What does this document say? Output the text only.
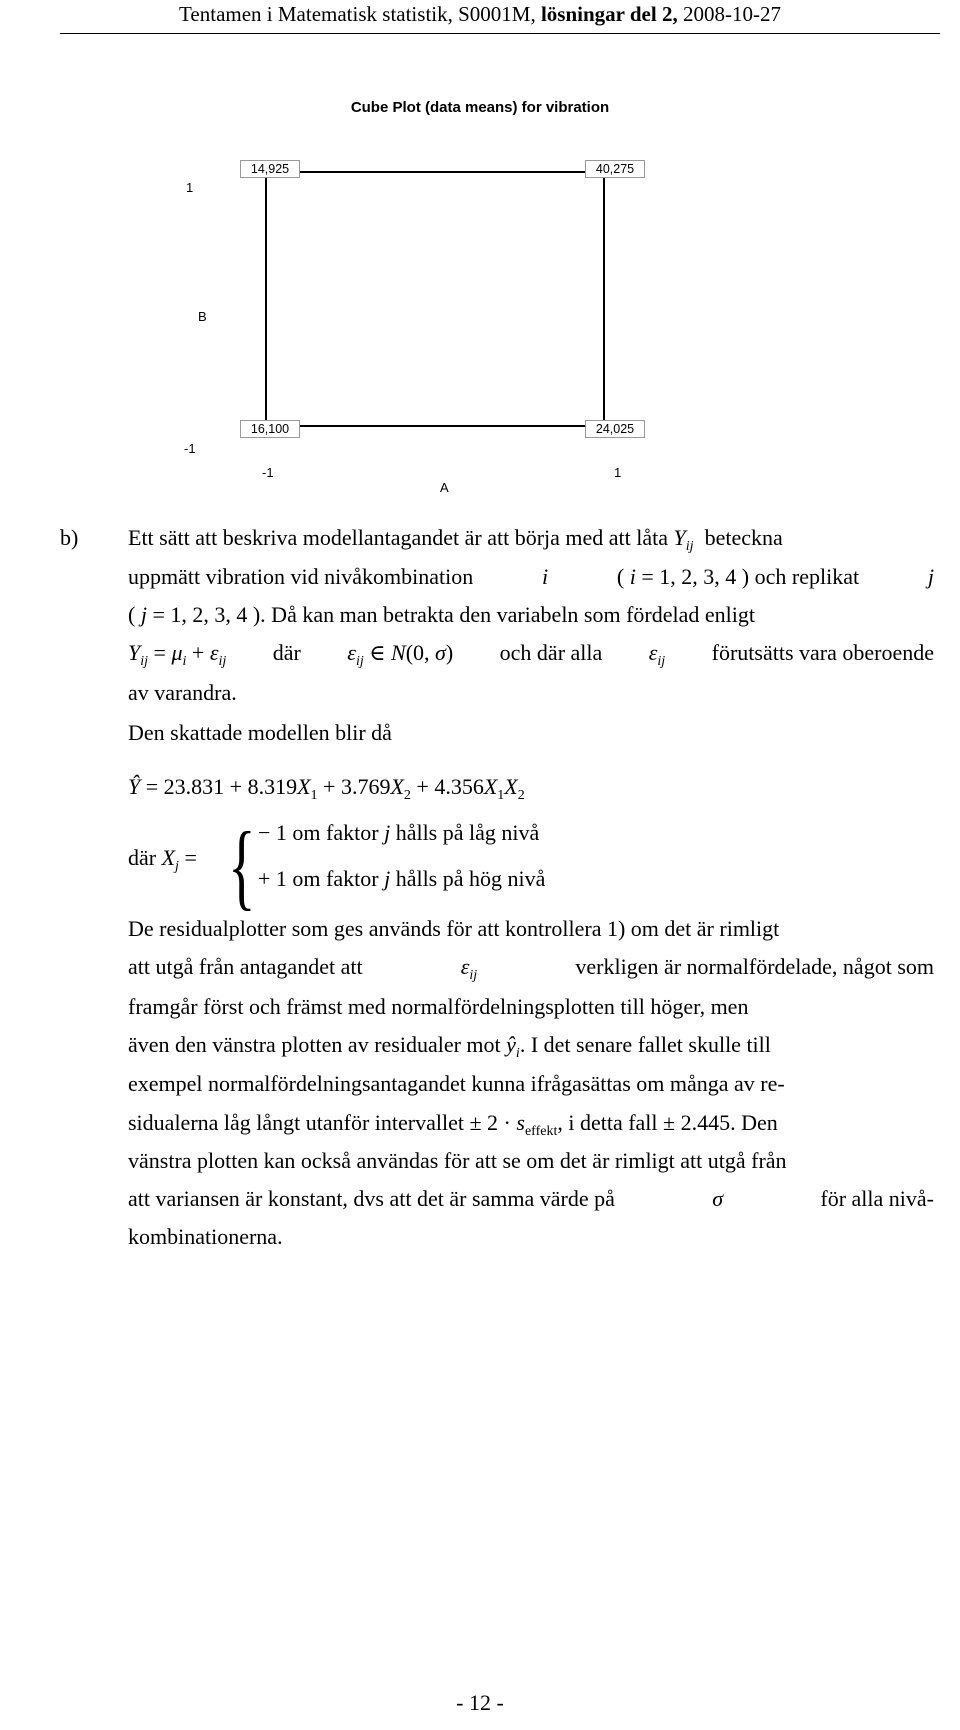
Tentamen i Matematisk statistik, S0001M, lösningar del 2, 2008-10-27
Cube Plot (data means) for vibration
14,925	40,275
16,100	24,025
1
B
-1
-1
A
1
b) Ett sätt att beskriva modellantagandet är att börja med att låta $Y_{ij}$ beteckna
uppmätt vibration vid nivåkombination	i	( i = 1, 2, 3, 4 ) och replikat	j
( j = 1, 2, 3, 4 ). Då kan man betrakta den variabeln som fördelad enligt
$Y_{ij} = \mu_i + \varepsilon_{ij}$ där $\varepsilon_{ij}$ ∈ N(0, σ) och där alla $\varepsilon_{ij}$ förutsätts vara oberoende
av varandra.
Den skattade modellen blir då
Ŷ = $23.831 + 8.319X_1 + 3.769X_2 + 4.356X_1X_2$
där $X_j$ = { − 1 om faktor j hålls på låg nivå
+ 1 om faktor j hålls på hög nivå
De residualplotter som ges används för att kontrollera 1) om det är rimligt
att utgå från antagandet att	$\varepsilon_{ij}$	verkligen är normalfördelade, något som
framgår först och främst med normalfördelningsplotten till höger, men
även den vänstra plotten av residualer mot $ŷ_i$. I det senare fallet skulle till
exempel normalfördelningsantagandet kunna ifrågasättas om många av re-
sidualerna låg långt utanför intervallet ± $2 \cdot s_{effekt}$, i detta fall ± 2.445. Den
vänstra plotten kan också användas för att se om det är rimligt att utgå från
att variansen är konstant, dvs att det är samma värde på	σ	för alla nivå-
kombinationerna.
- 12 -
